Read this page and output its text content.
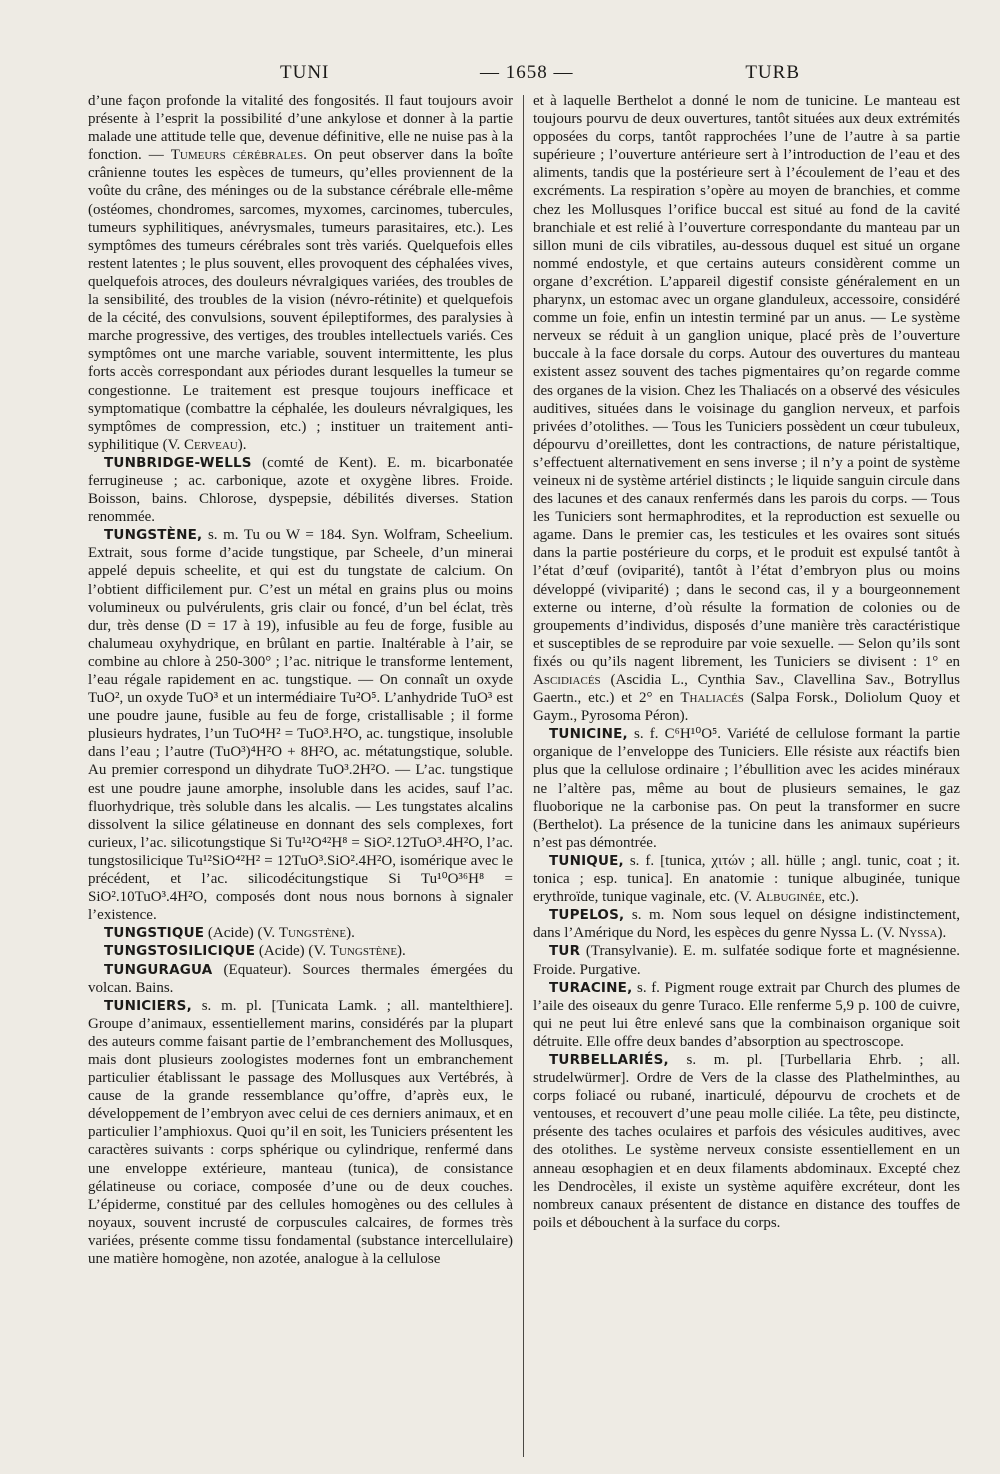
TUNI	— 1658 —	TURB

d’une façon profonde la vitalité des fongosités. Il faut toujours avoir présente à l’esprit la possibilité d’une ankylose et donner à la partie malade une attitude telle que, devenue définitive, elle ne nuise pas à la fonction. — Tumeurs cérébrales. On peut observer dans la boîte crânienne toutes les espèces de tumeurs, qu’elles proviennent de la voûte du crâne, des méninges ou de la substance cérébrale elle-même (ostéomes, chondromes, sarcomes, myxomes, carcinomes, tubercules, tumeurs syphilitiques, anévrysmales, tumeurs parasitaires, etc.). Les symptômes des tumeurs cérébrales sont très variés. Quelquefois elles restent latentes ; le plus souvent, elles provoquent des céphalées vives, quelquefois atroces, des douleurs névralgiques variées, des troubles de la sensibilité, des troubles de la vision (névro-rétinite) et quelquefois de la cécité, des convulsions, souvent épileptiformes, des paralysies à marche progressive, des vertiges, des troubles intellectuels variés. Ces symptômes ont une marche variable, souvent intermittente, les plus forts accès correspondant aux périodes durant lesquelles la tumeur se congestionne. Le traitement est presque toujours inefficace et symptomatique (combattre la céphalée, les douleurs névralgiques, les symptômes de compression, etc.) ; instituer un traitement anti-syphilitique (V. Cerveau).

TUNBRIDGE-WELLS (comté de Kent). E. m. bicarbonatée ferrugineuse ; ac. carbonique, azote et oxygène libres. Froide. Boisson, bains. Chlorose, dyspepsie, débilités diverses. Station renommée.

TUNGSTÈNE, s. m. Tu ou W = 184. Syn. Wolfram, Scheelium. Extrait, sous forme d’acide tungstique, par Scheele, d’un minerai appelé depuis scheelite, et qui est du tungstate de calcium. On l’obtient difficilement pur. C’est un métal en grains plus ou moins volumineux ou pulvérulents, gris clair ou foncé, d’un bel éclat, très dur, très dense (D = 17 à 19), infusible au feu de forge, fusible au chalumeau oxyhydrique, en brûlant en partie. Inaltérable à l’air, se combine au chlore à 250-300° ; l’ac. nitrique le transforme lentement, l’eau régale rapidement en ac. tungstique. — On connaît un oxyde TuO², un oxyde TuO³ et un intermédiaire Tu²O⁵. L’anhydride TuO³ est une poudre jaune, fusible au feu de forge, cristallisable ; il forme plusieurs hydrates, l’un TuO⁴H² = TuO³.H²O, ac. tungstique, insoluble dans l’eau ; l’autre (TuO³)⁴H²O + 8H²O, ac. métatungstique, soluble. Au premier correspond un dihydrate TuO³.2H²O. — L’ac. tungstique est une poudre jaune amorphe, insoluble dans les acides, sauf l’ac. fluorhydrique, très soluble dans les alcalis. — Les tungstates alcalins dissolvent la silice gélatineuse en donnant des sels complexes, fort curieux, l’ac. silicotungstique Si Tu¹²O⁴²H⁸ = SiO².12TuO³.4H²O, l’ac. tungstosilicique Tu¹²SiO⁴²H² = 12TuO³.SiO².4H²O, isomérique avec le précédent, et l’ac. silicodécitungstique Si Tu¹⁰O³⁶H⁸ = SiO².10TuO³.4H²O, composés dont nous nous bornons à signaler l’existence.

TUNGSTIQUE (Acide) (V. Tungstène).

TUNGSTOSILICIQUE (Acide) (V. Tungstène).

TUNGURAGUA (Equateur). Sources thermales émergées du volcan. Bains.

TUNICIERS, s. m. pl. [Tunicata Lamk. ; all. mantelthiere]. Groupe d’animaux, essentiellement marins, considérés par la plupart des auteurs comme faisant partie de l’embranchement des Mollusques, mais dont plusieurs zoologistes modernes font un embranchement particulier établissant le passage des Mollusques aux Vertébrés, à cause de la grande ressemblance qu’offre, d’après eux, le développement de l’embryon avec celui de ces derniers animaux, et en particulier l’amphioxus. Quoi qu’il en soit, les Tuniciers présentent les caractères suivants : corps sphérique ou cylindrique, renfermé dans une enveloppe extérieure, manteau (tunica), de consistance gélatineuse ou coriace, composée d’une ou de deux couches. L’épiderme, constitué par des cellules homogènes ou des cellules à noyaux, souvent incrusté de corpuscules calcaires, de formes très variées, présente comme tissu fondamental (substance intercellulaire) une matière homogène, non azotée, analogue à la cellulose

et à laquelle Berthelot a donné le nom de tunicine. Le manteau est toujours pourvu de deux ouvertures, tantôt situées aux deux extrémités opposées du corps, tantôt rapprochées l’une de l’autre à sa partie supérieure ; l’ouverture antérieure sert à l’introduction de l’eau et des aliments, tandis que la postérieure sert à l’écoulement de l’eau et des excréments. La respiration s’opère au moyen de branchies, et comme chez les Mollusques l’orifice buccal est situé au fond de la cavité branchiale et est relié à l’ouverture correspondante du manteau par un sillon muni de cils vibratiles, au-dessous duquel est situé un organe nommé endostyle, et que certains auteurs considèrent comme un organe d’excrétion. L’appareil digestif consiste généralement en un pharynx, un estomac avec un organe glanduleux, accessoire, considéré comme un foie, enfin un intestin terminé par un anus. — Le système nerveux se réduit à un ganglion unique, placé près de l’ouverture buccale à la face dorsale du corps. Autour des ouvertures du manteau existent assez souvent des taches pigmentaires qu’on regarde comme des organes de la vision. Chez les Thaliacés on a observé des vésicules auditives, situées dans le voisinage du ganglion nerveux, et parfois privées d’otolithes. — Tous les Tuniciers possèdent un cœur tubuleux, dépourvu d’oreillettes, dont les contractions, de nature péristaltique, s’effectuent alternativement en sens inverse ; il n’y a point de système veineux ni de système artériel distincts ; le liquide sanguin circule dans des lacunes et des canaux renfermés dans les parois du corps. — Tous les Tuniciers sont hermaphrodites, et la reproduction est sexuelle ou agame. Dans le premier cas, les testicules et les ovaires sont situés dans la partie postérieure du corps, et le produit est expulsé tantôt à l’état d’œuf (oviparité), tantôt à l’état d’embryon plus ou moins développé (viviparité) ; dans le second cas, il y a bourgeonnement externe ou interne, d’où résulte la formation de colonies ou de groupements d’individus, disposés d’une manière très caractéristique et susceptibles de se reproduire par voie sexuelle. — Selon qu’ils sont fixés ou qu’ils nagent librement, les Tuniciers se divisent : 1° en Ascidiacés (Ascidia L., Cynthia Sav., Clavellina Sav., Botryllus Gaertn., etc.) et 2° en Thaliacés (Salpa Forsk., Doliolum Quoy et Gaym., Pyrosoma Péron).

TUNICINE, s. f. C⁶H¹⁰O⁵. Variété de cellulose formant la partie organique de l’enveloppe des Tuniciers. Elle résiste aux réactifs bien plus que la cellulose ordinaire ; l’ébullition avec les acides minéraux ne l’altère pas, même au bout de plusieurs semaines, le gaz fluoborique ne la carbonise pas. On peut la transformer en sucre (Berthelot). La présence de la tunicine dans les animaux supérieurs n’est pas démontrée.

TUNIQUE, s. f. [tunica, χιτών ; all. hülle ; angl. tunic, coat ; it. tonica ; esp. tunica]. En anatomie : tunique albuginée, tunique erythroïde, tunique vaginale, etc. (V. Albuginée, etc.).

TUPELOS, s. m. Nom sous lequel on désigne indistinctement, dans l’Amérique du Nord, les espèces du genre Nyssa L. (V. Nyssa).

TUR (Transylvanie). E. m. sulfatée sodique forte et magnésienne. Froide. Purgative.

TURACINE, s. f. Pigment rouge extrait par Church des plumes de l’aile des oiseaux du genre Turaco. Elle renferme 5,9 p. 100 de cuivre, qui ne peut lui être enlevé sans que la combinaison organique soit détruite. Elle offre deux bandes d’absorption au spectroscope.

TURBELLARIÉS, s. m. pl. [Turbellaria Ehrb. ; all. strudelwürmer]. Ordre de Vers de la classe des Plathelminthes, au corps foliacé ou rubané, inarticulé, dépourvu de crochets et de ventouses, et recouvert d’une peau molle ciliée. La tête, peu distincte, présente des taches oculaires et parfois des vésicules auditives, avec des otolithes. Le système nerveux consiste essentiellement en un anneau œsophagien et en deux filaments abdominaux. Excepté chez les Dendrocèles, il existe un système aquifère excréteur, dont les nombreux canaux présentent de distance en distance des touffes de poils et débouchent à la surface du corps.
